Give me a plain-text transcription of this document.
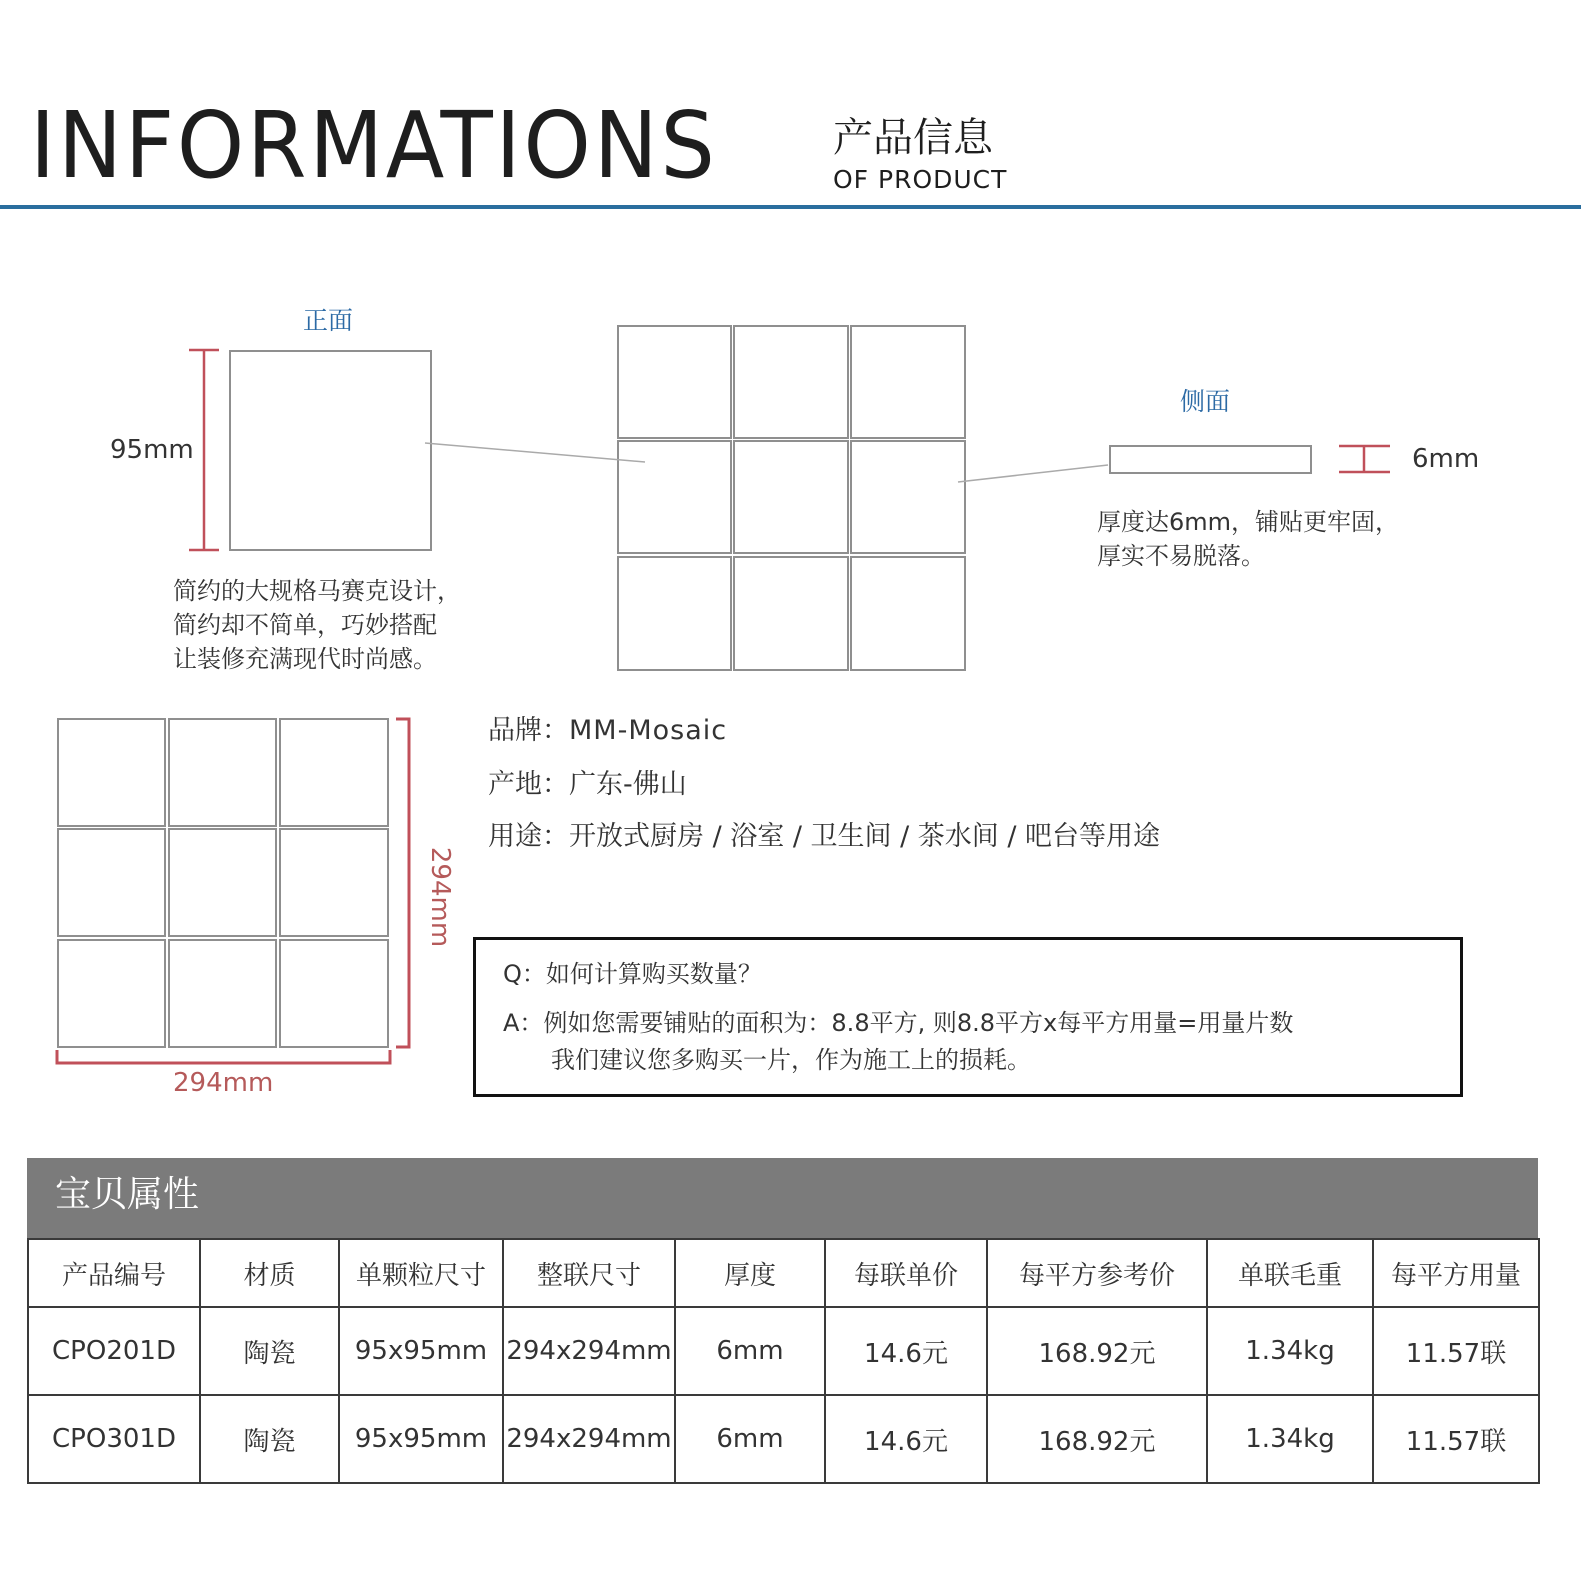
INFORMATIONS	产品信息
OF PRODUCT
正面
95mm
简约的大规格马赛克设计，
简约却不简单，巧妙搭配
让装修充满现代时尚感。
侧面
6mm
厚度达6mm，铺贴更牢固，
厚实不易脱落。
294mm
294mm
品牌：MM-Mosaic
产地：广东-佛山
用途：开放式厨房 / 浴室 / 卫生间 / 茶水间 / 吧台等用途
Q：如何计算购买数量？
A：例如您需要铺贴的面积为：8.8平方, 则8.8平方x每平方用量=用量片数
我们建议您多购买一片，作为施工上的损耗。
宝贝属性
产品编号	材质	单颗粒尺寸	整联尺寸	厚度	每联单价	每平方参考价	单联毛重	每平方用量
CPO201D	陶瓷	95x95mm	294x294mm	6mm	14.6元	168.92元	1.34kg	11.57联
CPO301D	陶瓷	95x95mm	294x294mm	6mm	14.6元	168.92元	1.34kg	11.57联
